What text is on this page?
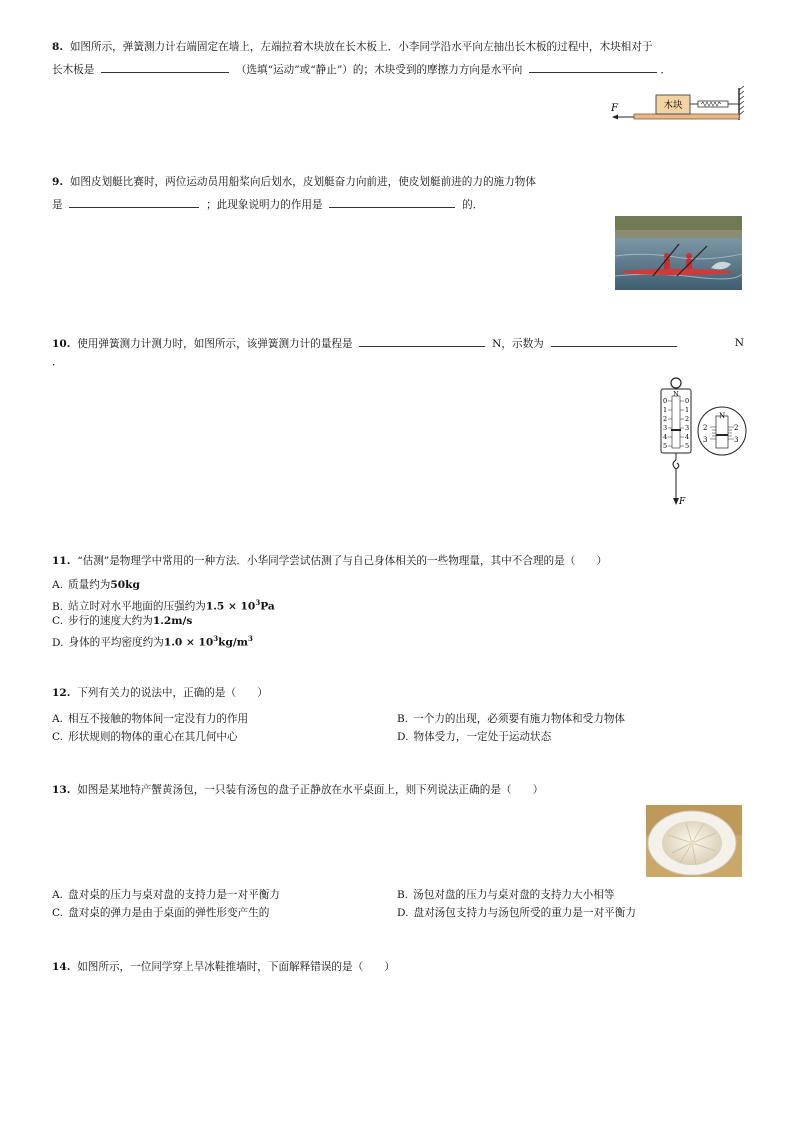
8. 如图所示，弹簧测力计右端固定在墙上，左端拉着木块放在长木板上．小李同学沿水平向左抽出长木板的过程中，木块相对于
长木板是	（选填“运动”或“静止”）的；木块受到的摩擦力方向是水平向	．
木块
F
9. 如图皮划艇比赛时，两位运动员用船桨向后划水，皮划艇奋力向前进，使皮划艇前进的力的施力物体
是	；此现象说明力的作用是	的．
10. 使用弹簧测力计测力时，如图所示，该弹簧测力计的量程是	N，示数为	N
．
N
0
1
2
3
4
5
0
1
2
3
4
5
F
N
2
3
2
3
11. “估测”是物理学中常用的一种方法．小华同学尝试估测了与自己身体相关的一些物理量，其中不合理的是（　　）
A. 质量约为50kg
B. 站立时对水平地面的压强约为$1.5 \times 10^3Pa$
C. 步行的速度大约为1.2m/s
D. 身体的平均密度约为$1.0 \times 10^3kg/m^3$
12. 下列有关力的说法中，正确的是（　　）
A. 相互不接触的物体间一定没有力的作用	B. 一个力的出现，必须要有施力物体和受力物体
C. 形状规则的物体的重心在其几何中心	D. 物体受力，一定处于运动状态
13. 如图是某地特产蟹黄汤包，一只装有汤包的盘子正静放在水平桌面上，则下列说法正确的是（　　）
A. 盘对桌的压力与桌对盘的支持力是一对平衡力	B. 汤包对盘的压力与桌对盘的支持力大小相等
C. 盘对桌的弹力是由于桌面的弹性形变产生的	D. 盘对汤包支持力与汤包所受的重力是一对平衡力
14. 如图所示，一位同学穿上旱冰鞋推墙时，下面解释错误的是（　　）
